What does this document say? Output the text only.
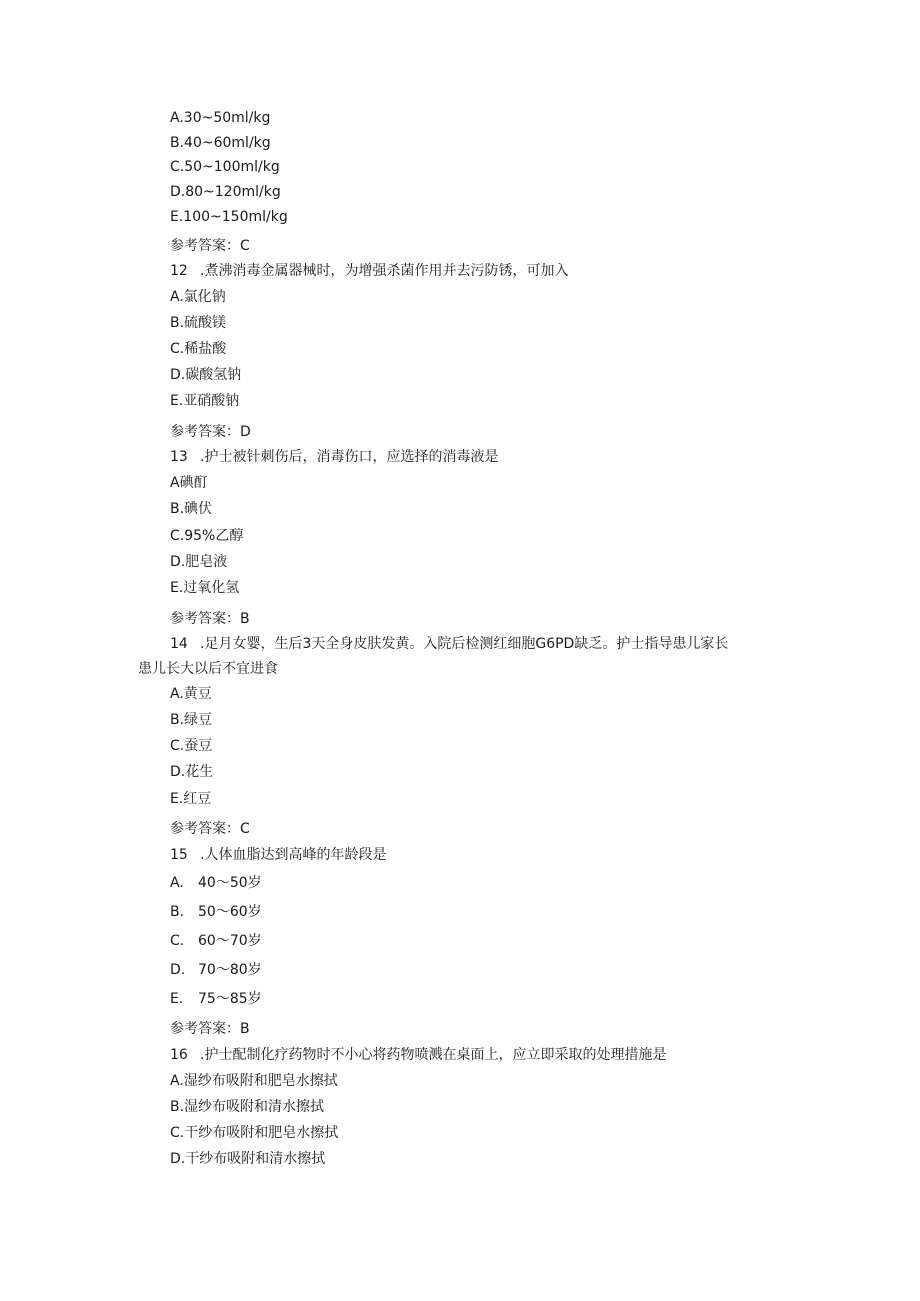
A.30~50ml/kg
B.40~60ml/kg
C.50~100ml/kg
D.80~120ml/kg
E.100~150ml/kg
参考答案：C
12 .煮沸消毒金属器械时，为增强杀菌作用并去污防锈，可加入
A.氯化钠
B.硫酸镁
C.稀盐酸
D.碳酸氢钠
E.亚硝酸钠
参考答案：D
13 .护士被针刺伤后，消毒伤口，应选择的消毒液是
A碘酊
B.碘伏
C.95%乙醇
D.肥皂液
E.过氧化氢
参考答案：B
14 .足月女婴，生后3天全身皮肤发黄。入院后检测红细胞G6PD缺乏。护士指导患儿家长
患儿长大以后不宜进食
A.黄豆
B.绿豆
C.蚕豆
D.花生
E.红豆
参考答案：C
15 .人体血脂达到高峰的年龄段是
A. 40～50岁
B. 50～60岁
C. 60～70岁
D. 70～80岁
E. 75～85岁
参考答案：B
16 .护士配制化疗药物时不小心将药物喷溅在桌面上，应立即采取的处理措施是
A.湿纱布吸附和肥皂水擦拭
B.湿纱布吸附和清水擦拭
C.干纱布吸附和肥皂水擦拭
D.干纱布吸附和清水擦拭
